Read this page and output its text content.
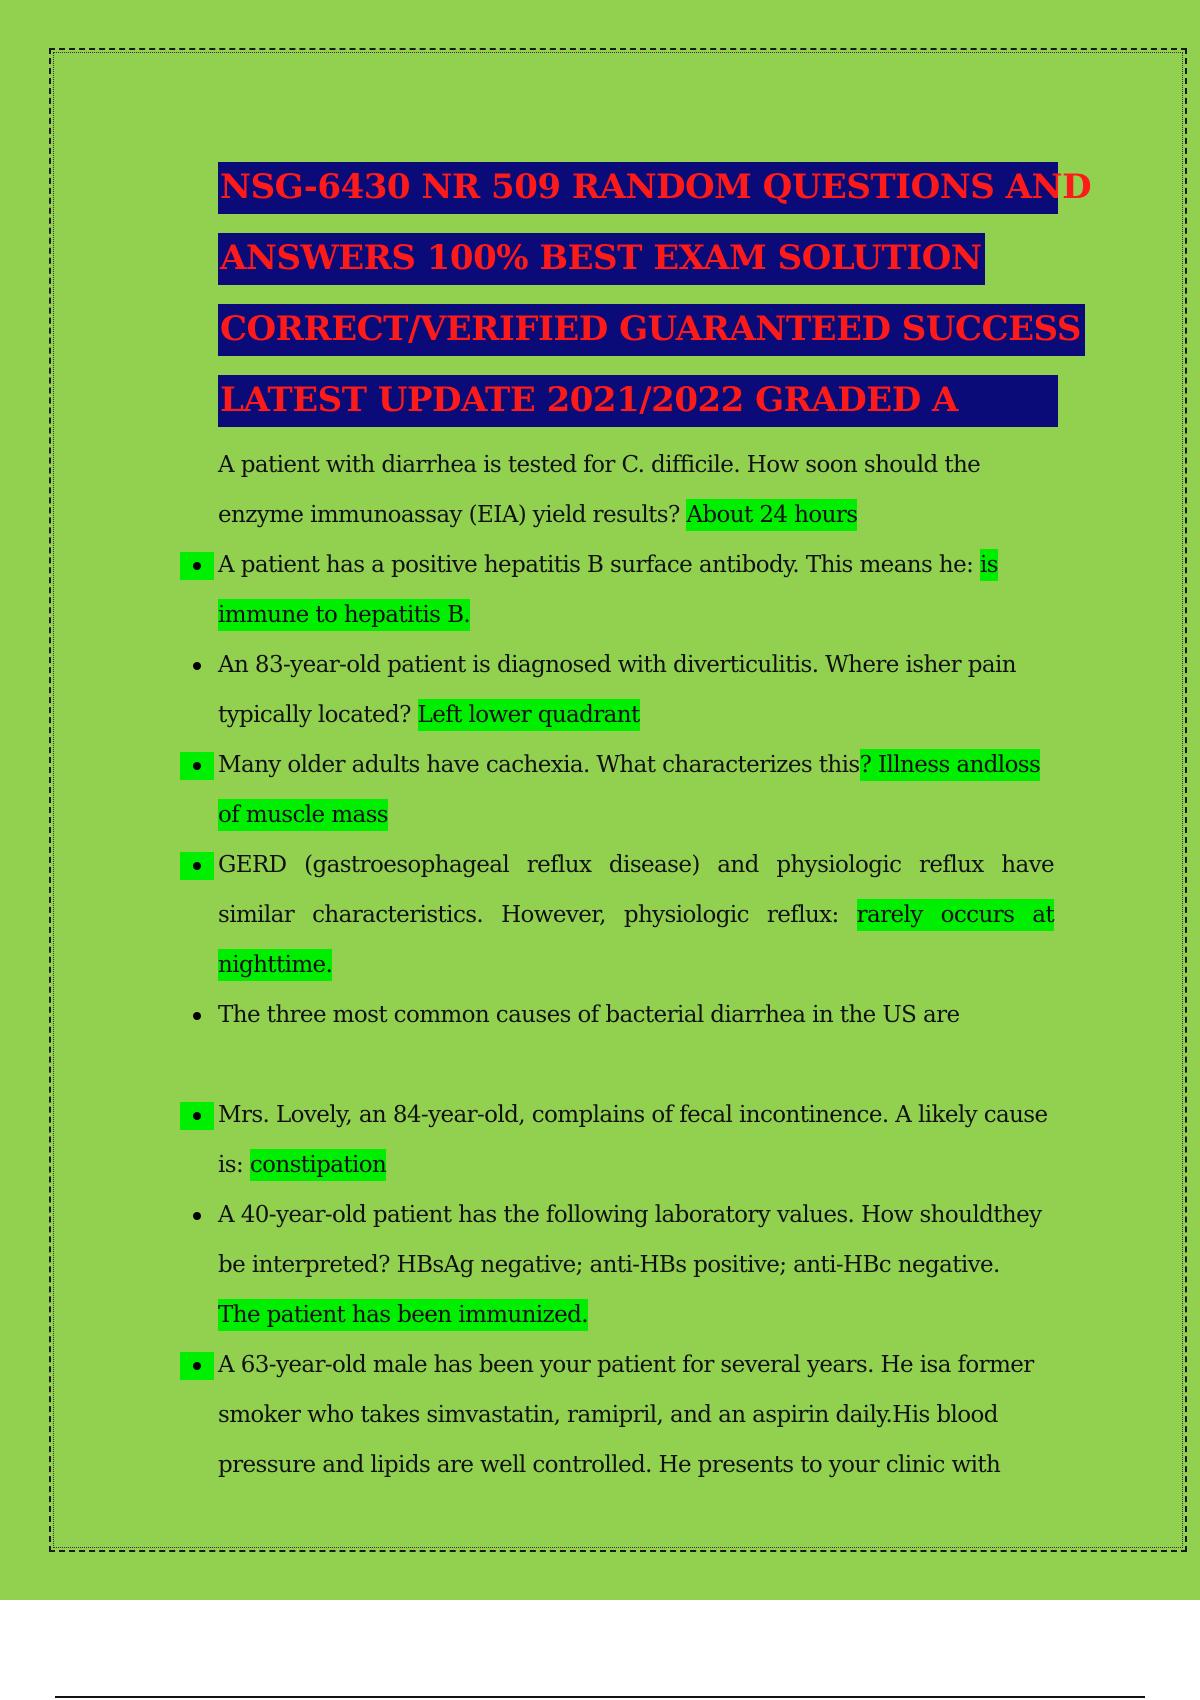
NSG-6430 NR 509 RANDOM QUESTIONS AND
ANSWERS 100% BEST EXAM SOLUTION
CORRECT/VERIFIED GUARANTEED SUCCESS
LATEST UPDATE 2021/2022 GRADED A
A patient with diarrhea is tested for C. difficile. How soon should the enzyme immunoassay (EIA) yield results? About 24 hours
A patient has a positive hepatitis B surface antibody. This means he: is immune to hepatitis B.
An 83-year-old patient is diagnosed with diverticulitis. Where isher pain typically located? Left lower quadrant
Many older adults have cachexia. What characterizes this? Illness andloss of muscle mass
GERD (gastroesophageal reflux disease) and physiologic reflux have similar characteristics. However, physiologic reflux: rarely occurs at nighttime.
The three most common causes of bacterial diarrhea in the US are
Mrs. Lovely, an 84-year-old, complains of fecal incontinence. A likely cause is: constipation
A 40-year-old patient has the following laboratory values. How shouldthey be interpreted? HBsAg negative; anti-HBs positive; anti-HBc negative.
The patient has been immunized.
A 63-year-old male has been your patient for several years. He isa former smoker who takes simvastatin, ramipril, and an aspirin daily.His blood pressure and lipids are well controlled. He presents to your clinic with
